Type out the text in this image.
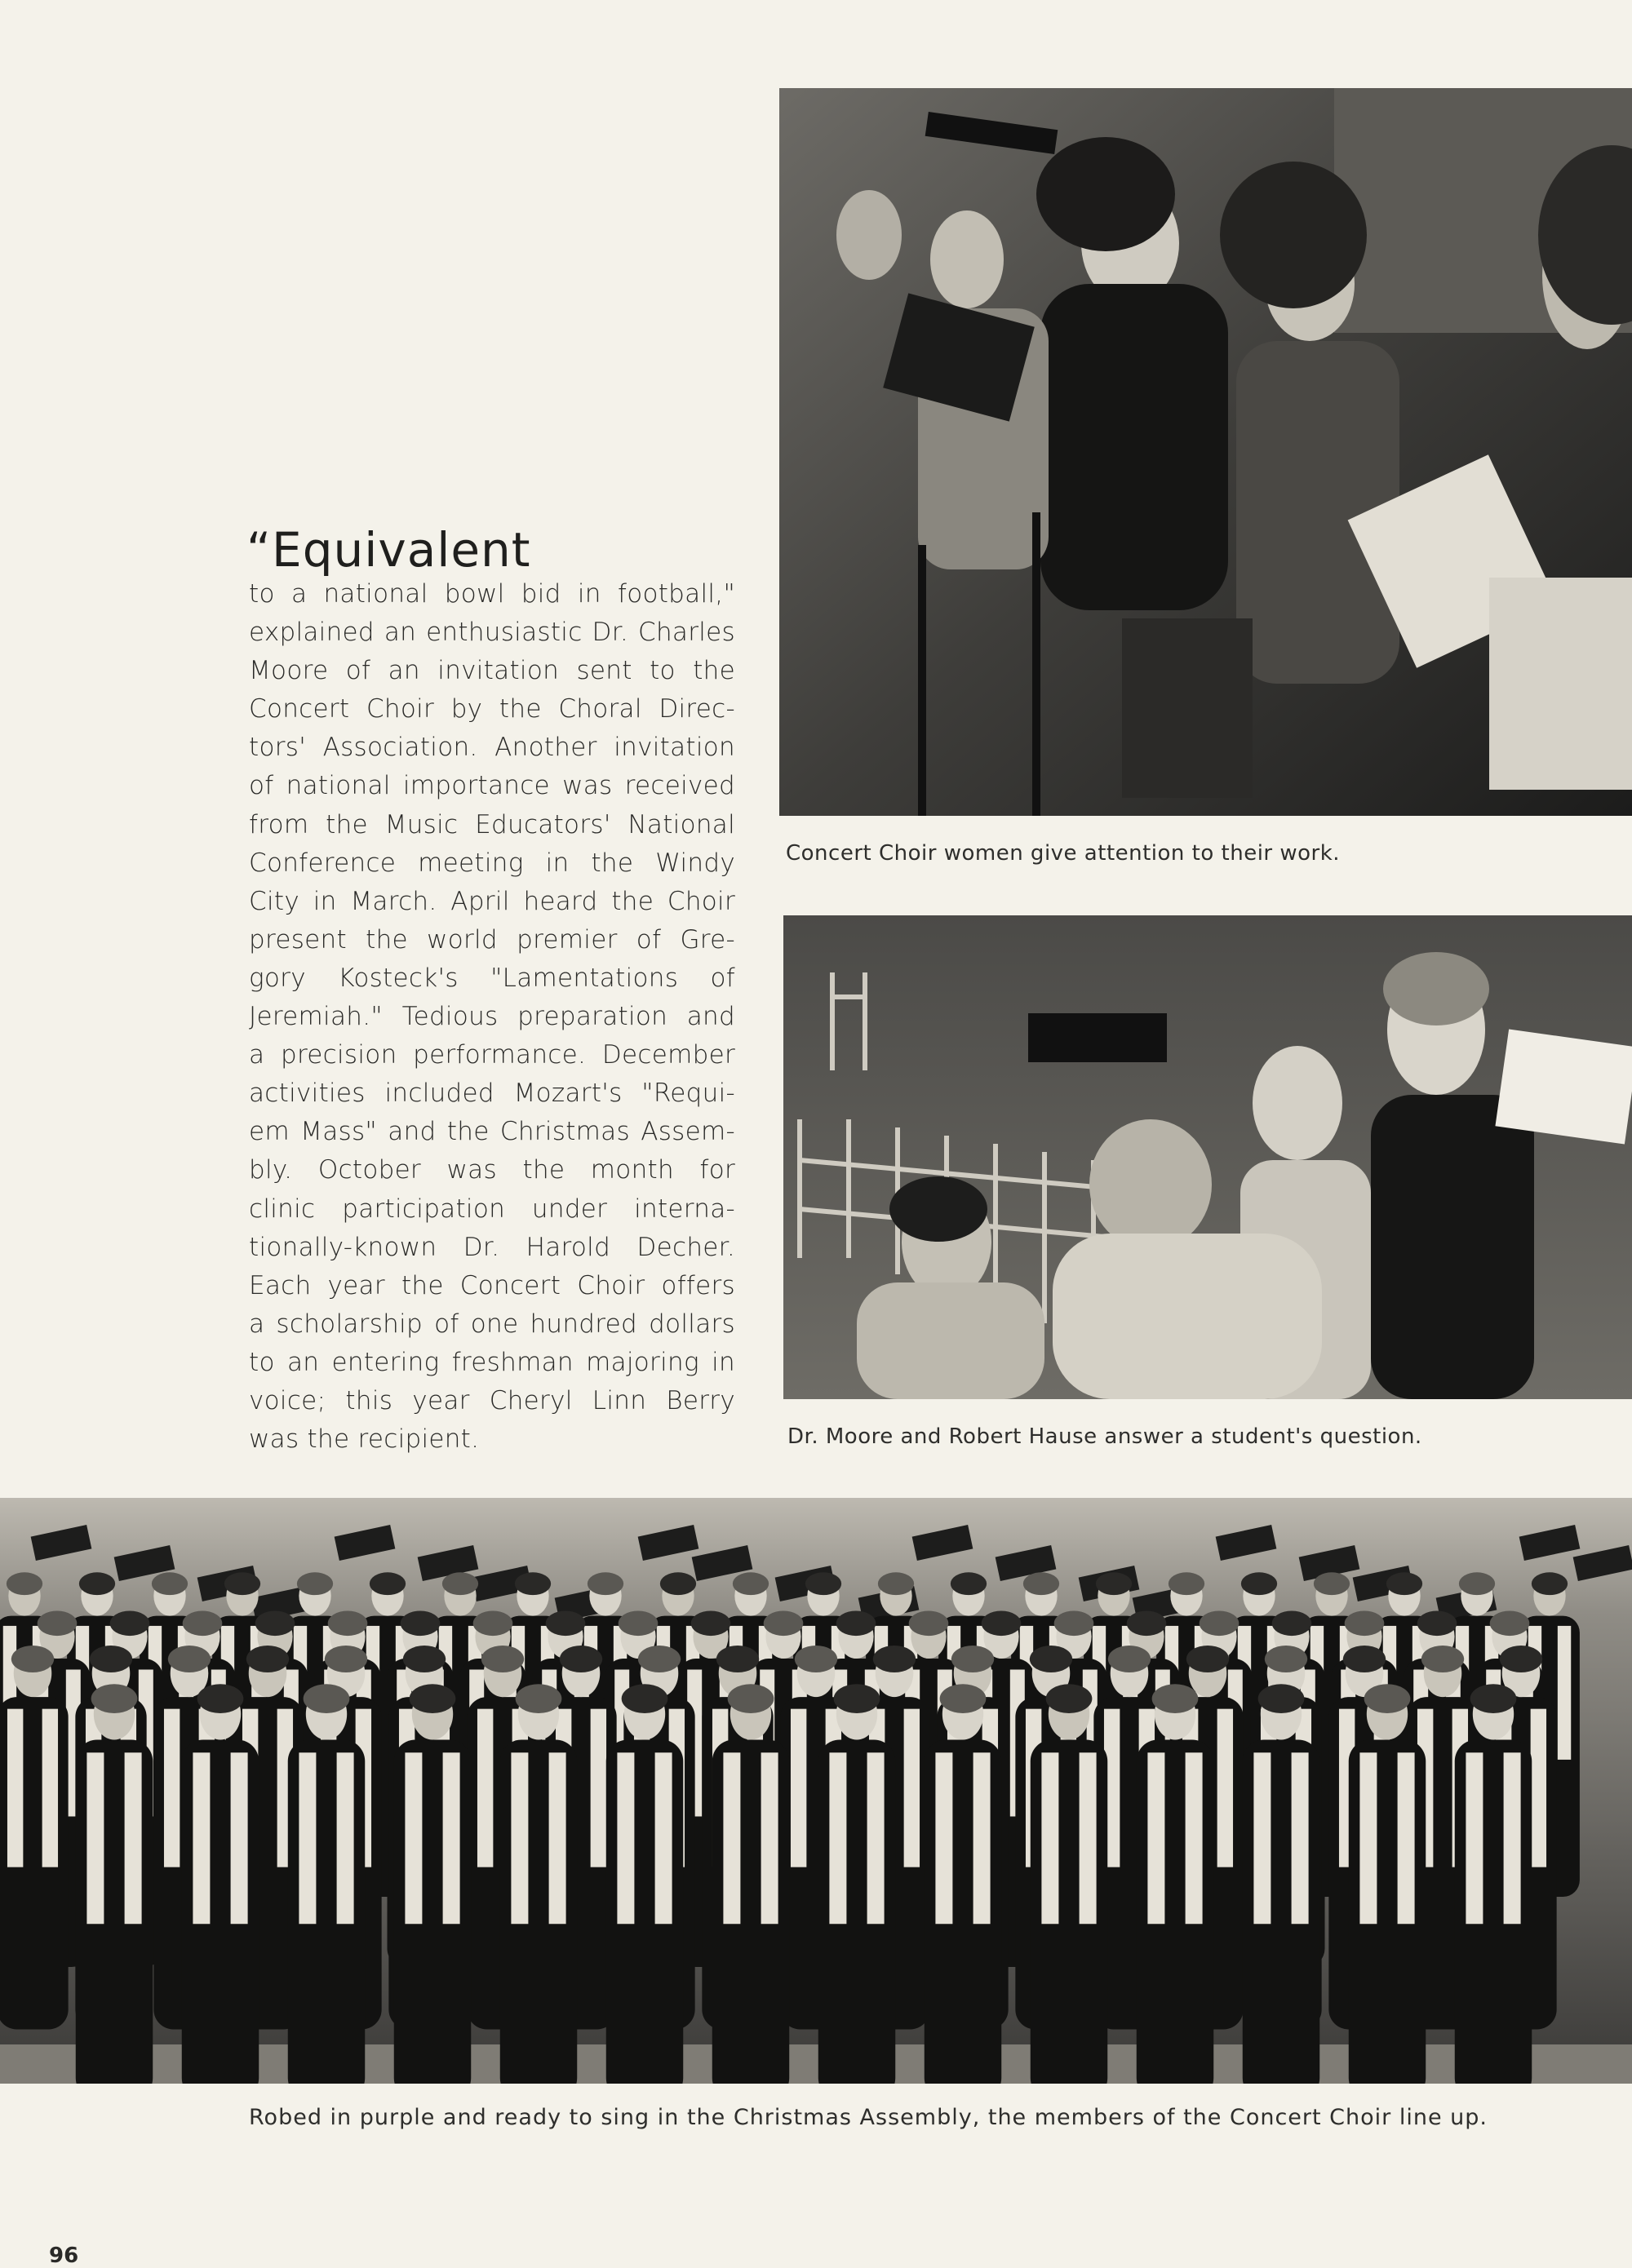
Concert Choir women give attention to their work.
Dr. Moore and Robert Hause answer a student's question.
“Equivalent
to a national bowl bid in football,"
explained an enthusiastic Dr. Charles
Moore of an invitation sent to the
Concert Choir by the Choral Direc-
tors' Association. Another invitation
of national importance was received
from the Music Educators' National
Conference meeting in the Windy
City in March. April heard the Choir
present the world premier of Gre-
gory Kosteck's "Lamentations of
Jeremiah." Tedious preparation and
a precision performance. December
activities included Mozart's "Requi-
em Mass" and the Christmas Assem-
bly. October was the month for
clinic participation under interna-
tionally-known Dr. Harold Decher.
Each year the Concert Choir offers
a scholarship of one hundred dollars
to an entering freshman majoring in
voice; this year Cheryl Linn Berry
was the recipient.
Robed in purple and ready to sing in the Christmas Assembly, the members of the Concert Choir line up.
96
